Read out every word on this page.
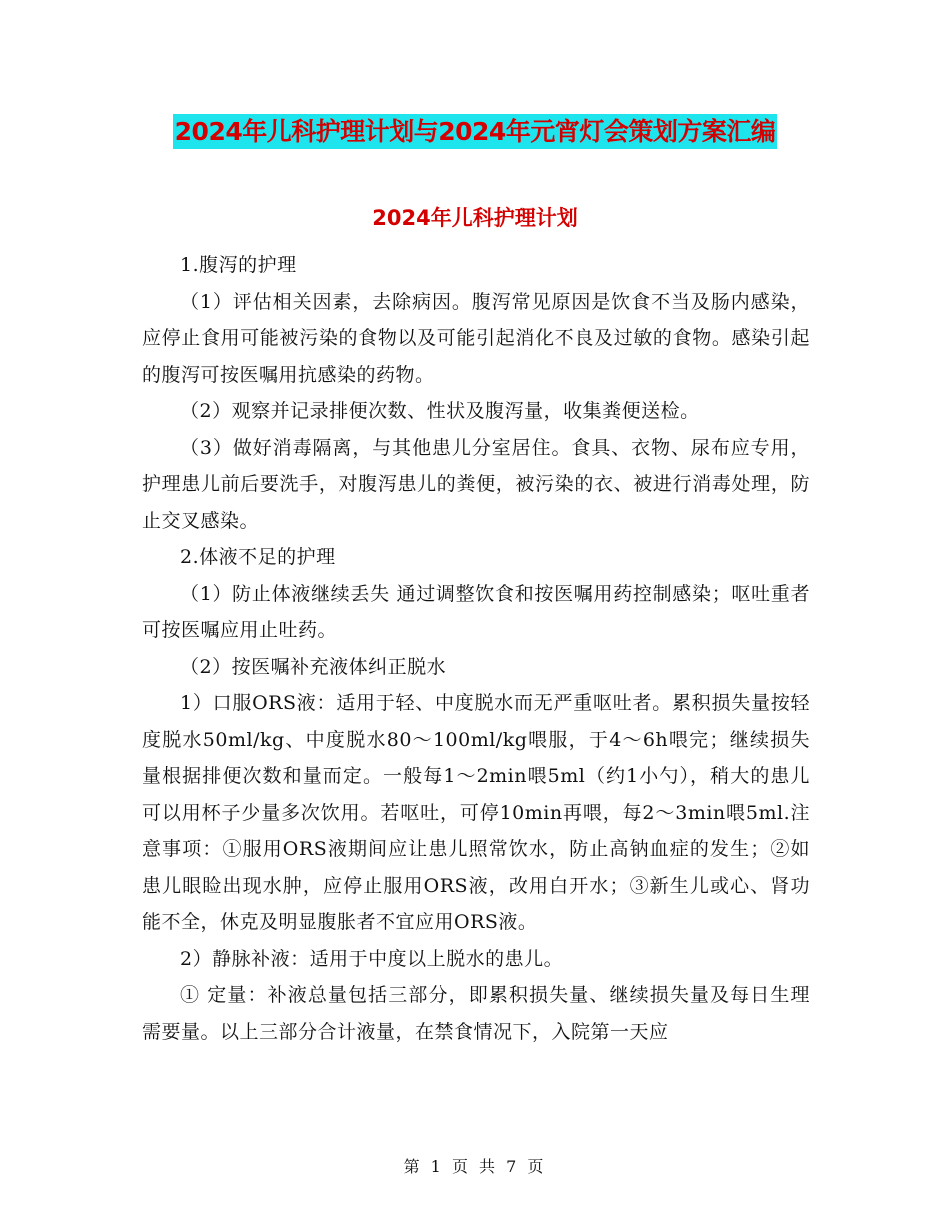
2024年儿科护理计划与2024年元宵灯会策划方案汇编
2024年儿科护理计划

1.腹泻的护理

（1）评估相关因素，去除病因。腹泻常见原因是饮食不当及肠内感染，应停止食用可能被污染的食物以及可能引起消化不良及过敏的食物。感染引起的腹泻可按医嘱用抗感染的药物。

（2）观察并记录排便次数、性状及腹泻量，收集粪便送检。

（3）做好消毒隔离，与其他患儿分室居住。食具、衣物、尿布应专用，护理患儿前后要洗手，对腹泻患儿的粪便，被污染的衣、被进行消毒处理，防止交叉感染。

2.体液不足的护理

（1）防止体液继续丢失 通过调整饮食和按医嘱用药控制感染；呕吐重者可按医嘱应用止吐药。

（2）按医嘱补充液体纠正脱水

1）口服ORS液：适用于轻、中度脱水而无严重呕吐者。累积损失量按轻度脱水50ml/kg、中度脱水80～100ml/kg喂服，于4～6h喂完；继续损失量根据排便次数和量而定。一般每1～2min喂5ml（约1小勺），稍大的患儿可以用杯子少量多次饮用。若呕吐，可停10min再喂，每2～3min喂5ml.注意事项：①服用ORS液期间应让患儿照常饮水，防止高钠血症的发生；②如患儿眼睑出现水肿，应停止服用ORS液，改用白开水；③新生儿或心、肾功能不全，休克及明显腹胀者不宜应用ORS液。

2）静脉补液：适用于中度以上脱水的患儿。

① 定量：补液总量包括三部分，即累积损失量、继续损失量及每日生理需要量。以上三部分合计液量，在禁食情况下，入院第一天应

第 1 页 共 7 页
